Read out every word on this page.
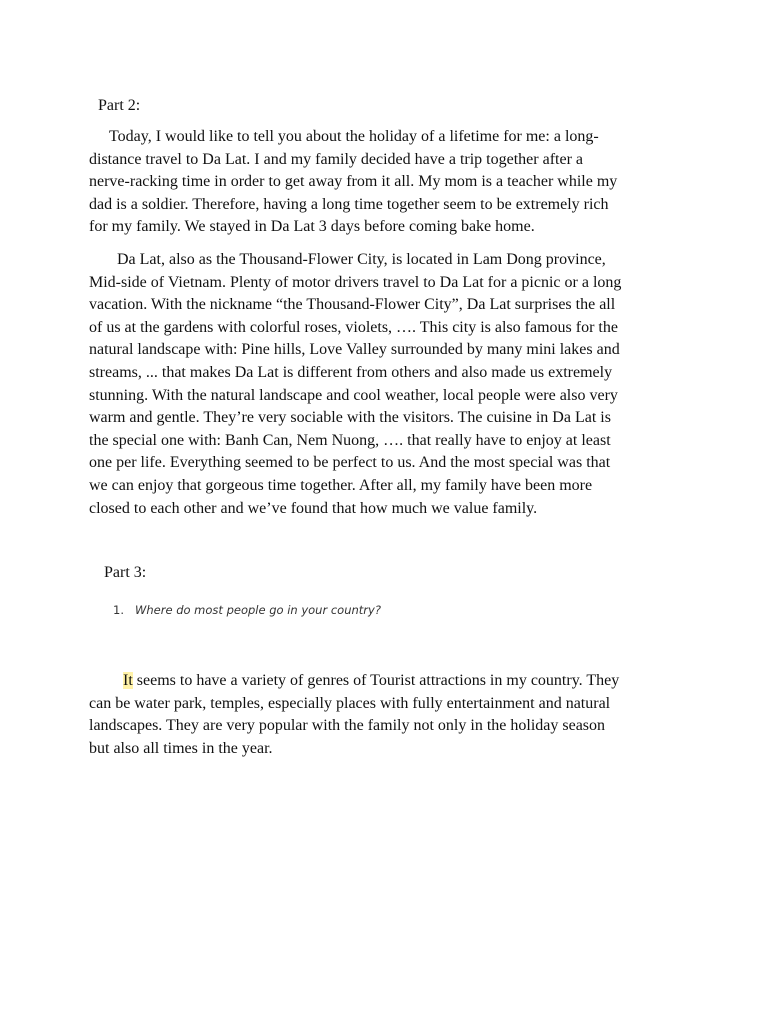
Part 2:

Today, I would like to tell you about the holiday of a lifetime for me: a long-
distance travel to Da Lat. I and my family decided have a trip together after a
nerve-racking time in order to get away from it all. My mom is a teacher while my
dad is a soldier. Therefore, having a long time together seem to be extremely rich
for my family. We stayed in Da Lat 3 days before coming bake home.

Da Lat, also as the Thousand-Flower City, is located in Lam Dong province,
Mid-side of Vietnam. Plenty of motor drivers travel to Da Lat for a picnic or a long
vacation. With the nickname “the Thousand-Flower City”, Da Lat surprises the all
of us at the gardens with colorful roses, violets, …. This city is also famous for the
natural landscape with: Pine hills, Love Valley surrounded by many mini lakes and
streams, ... that makes Da Lat is different from others and also made us extremely
stunning. With the natural landscape and cool weather, local people were also very
warm and gentle. They’re very sociable with the visitors. The cuisine in Da Lat is
the special one with: Banh Can, Nem Nuong, …. that really have to enjoy at least
one per life. Everything seemed to be perfect to us. And the most special was that
we can enjoy that gorgeous time together. After all, my family have been more
closed to each other and we’ve found that how much we value family.

Part 3:

1. Where do most people go in your country?

It seems to have a variety of genres of Tourist attractions in my country. They
can be water park, temples, especially places with fully entertainment and natural
landscapes. They are very popular with the family not only in the holiday season
but also all times in the year.
